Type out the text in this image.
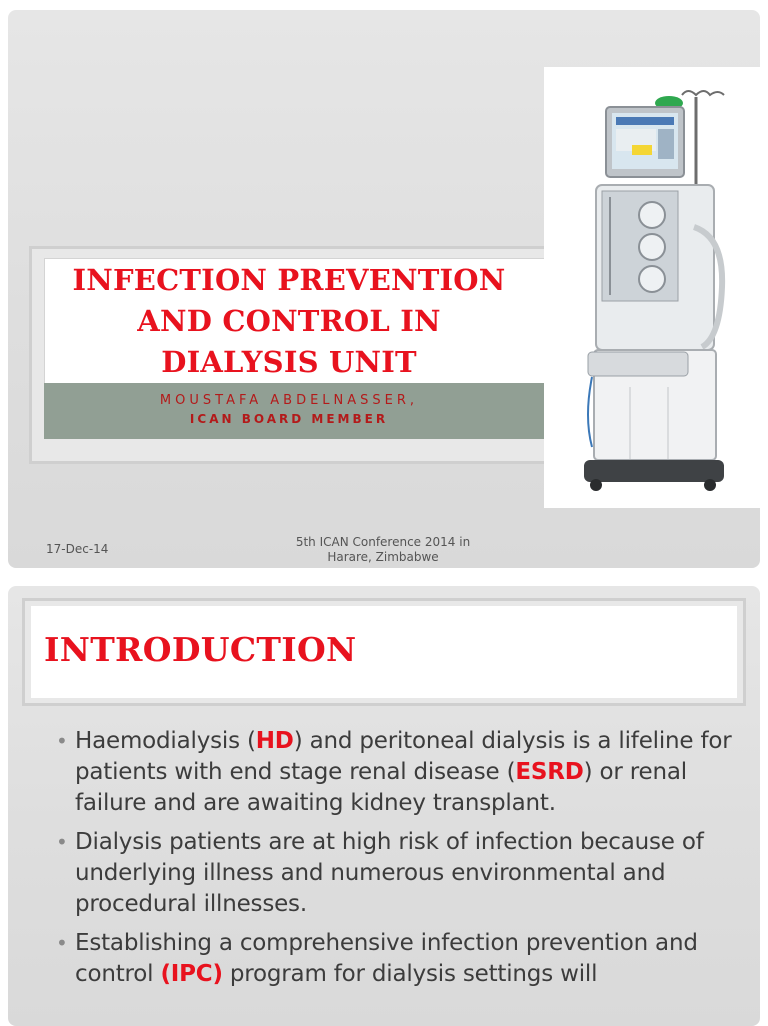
INFECTION PREVENTION
AND CONTROL IN
DIALYSIS UNIT
MOUSTAFA ABDELNASSER,
ICAN BOARD MEMBER
17-Dec-14	5th ICAN Conference 2014 in
Harare, Zimbabwe
INTRODUCTION
• Haemodialysis (HD) and peritoneal dialysis is a lifeline for patients with end stage renal disease (ESRD) or renal failure and are awaiting kidney transplant.
• Dialysis patients are at high risk of infection because of underlying illness and numerous environmental and procedural illnesses.
• Establishing a comprehensive infection prevention and control (IPC) program for dialysis settings will
